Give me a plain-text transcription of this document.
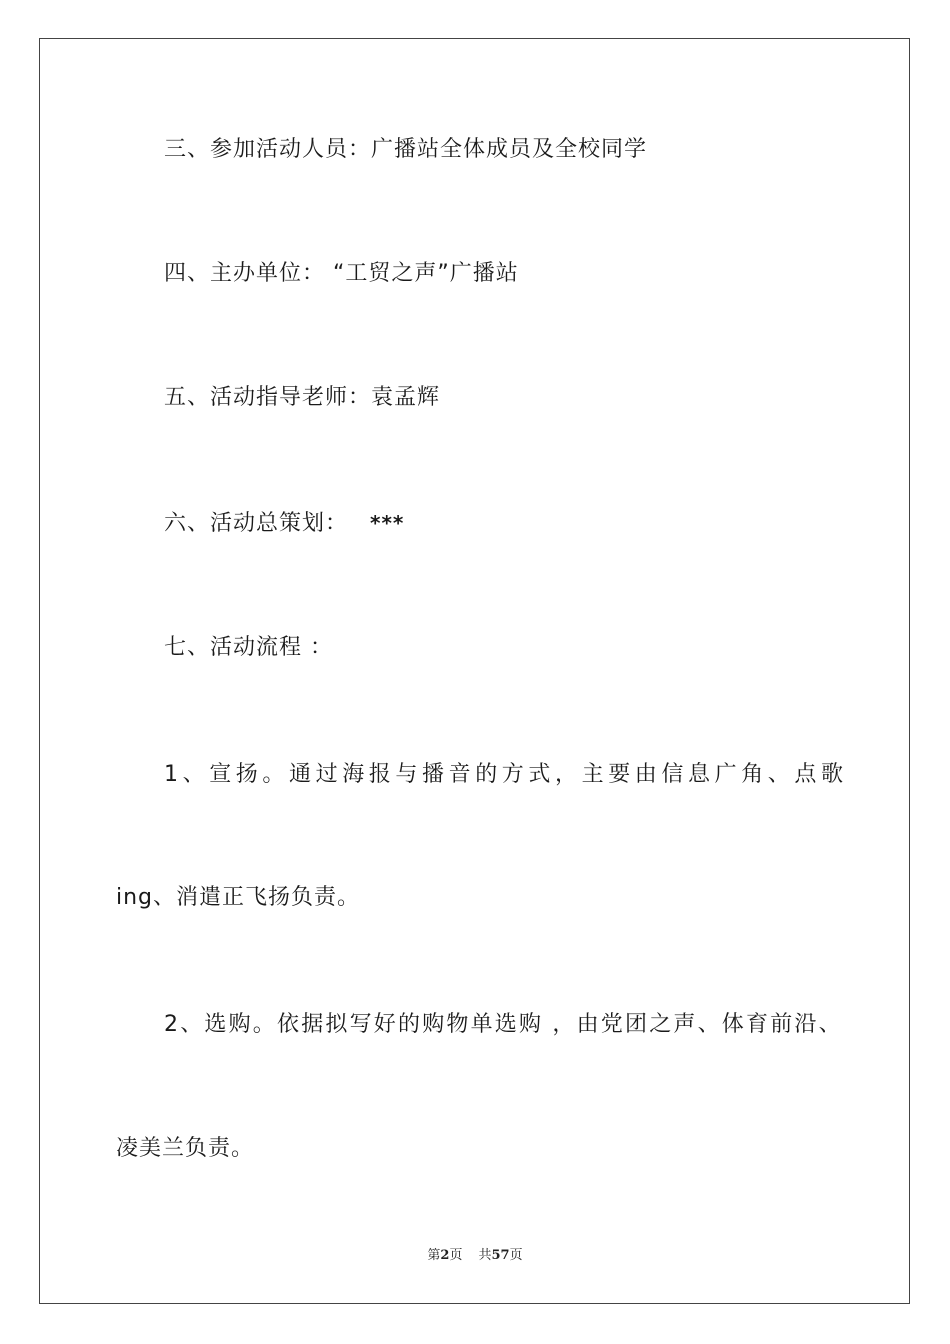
三、参加活动人员：广播站全体成员及全校同学
四、主办单位： “工贸之声”广播站
五、活动指导老师：袁孟辉
六、活动总策划： ***
七、活动流程 ：
1、宣扬。通过海报与播音的方式，主要由信息广角、点歌
ing、消遣正飞扬负责。
2、选购。依据拟写好的购物单选购 ，由党团之声、体育前沿、
凌美兰负责。
第2页 共57页
